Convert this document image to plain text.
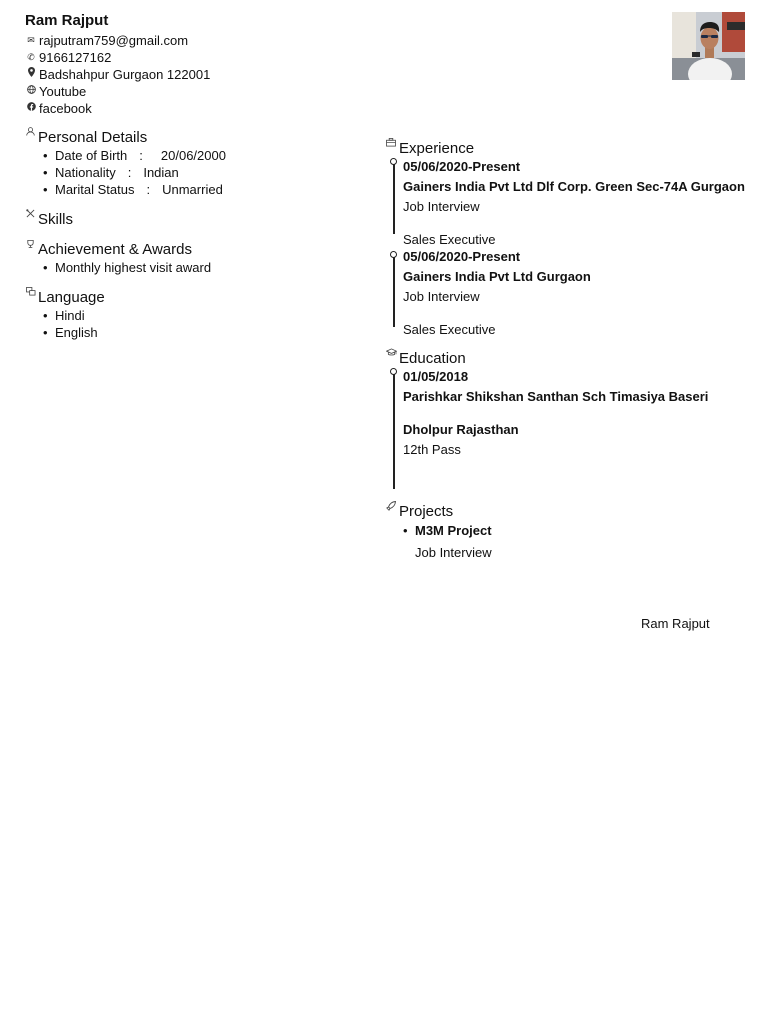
Ram Rajput
✉ rajputram759@gmail.com
✆ 9166127162
Badshahpur Gurgaon 122001
Youtube
facebook
Personal Details
• Date of Birth : 20/06/2000
• Nationality : Indian
• Marital Status : Unmarried
Skills
Achievement & Awards
• Monthly highest visit award
Language
• Hindi
• English
Experience
05/06/2020-Present
Gainers India Pvt Ltd Dlf Corp. Green Sec-74A Gurgaon
Job Interview
Sales Executive
05/06/2020-Present
Gainers India Pvt Ltd Gurgaon
Job Interview
Sales Executive
Education
01/05/2018
Parishkar Shikshan Santhan Sch Timasiya Baseri
Dholpur Rajasthan
12th Pass
Projects
• M3M Project
Job Interview
Ram Rajput
